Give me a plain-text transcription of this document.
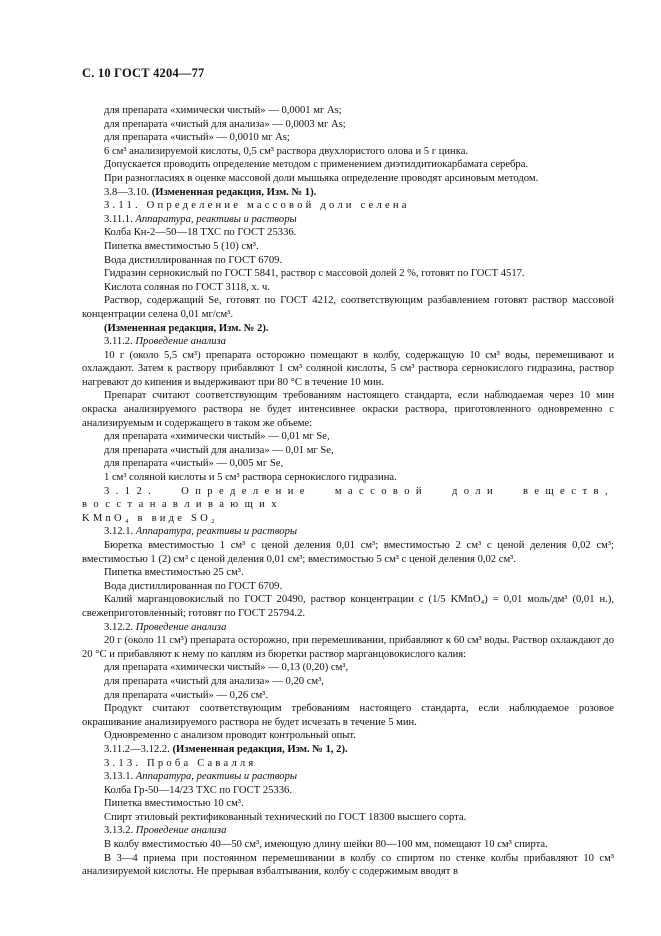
С. 10 ГОСТ 4204—77
для препарата «химически чистый» — 0,0001 мг As;
для препарата «чистый для анализа» — 0,0003 мг As;
для препарата «чистый» — 0,0010 мг As;
6 см³ анализируемой кислоты, 0,5 см³ раствора двухлористого олова и 5 г цинка.
Допускается проводить определение методом с применением диэтилдитиокарбамата серебра.
При разногласиях в оценке массовой доли мышьяка определение проводят арсиновым методом.
3.8—3.10. (Измененная редакция, Изм. № 1).
3.11. Определение массовой доли селена
3.11.1. Аппаратура, реактивы и растворы
Колба Кн-2—50—18 ТХС по ГОСТ 25336.
Пипетка вместимостью 5 (10) см³.
Вода дистиллированная по ГОСТ 6709.
Гидразин сернокислый по ГОСТ 5841, раствор с массовой долей 2 %, готовят по ГОСТ 4517.
Кислота соляная по ГОСТ 3118, х. ч.
Раствор, содержащий Se, готовят по ГОСТ 4212, соответствующим разбавлением готовят раствор массовой концентрации селена 0,01 мг/см³.
(Измененная редакция, Изм. № 2).
3.11.2. Проведение анализа
10 г (около 5,5 см³) препарата осторожно помещают в колбу, содержащую 10 см³ воды, перемешивают и охлаждают. Затем к раствору прибавляют 1 см³ соляной кислоты, 5 см³ раствора сернокислого гидразина, раствор нагревают до кипения и выдерживают при 80 °С в течение 10 мин.
Препарат считают соответствующим требованиям настоящего стандарта, если наблюдаемая через 10 мин окраска анализируемого раствора не будет интенсивнее окраски раствора, приготовленного одновременно с анализируемым и содержащего в таком же объеме:
для препарата «химически чистый» — 0,01 мг Se,
для препарата «чистый для анализа» — 0,01 мг Se,
для препарата «чистый» — 0,005 мг Se,
1 см³ соляной кислоты и 5 см³ раствора сернокислого гидразина.
3.12. Определение массовой доли веществ, восстанавливающих
KMnO₄ в виде SO₂
3.12.1. Аппаратура, реактивы и растворы
Бюретка вместимостью 1 см³ с ценой деления 0,01 см³; вместимостью 2 см³ с ценой деления 0,02 см³; вместимостью 1 (2) см³ с ценой деления 0,01 см³; вместимостью 5 см³ с ценой деления 0,02 см³.
Пипетка вместимостью 25 см³.
Вода дистиллированная по ГОСТ 6709.
Калий марганцовокислый по ГОСТ 20490, раствор концентрации с (1/5 KMnO₄) = 0,01 моль/дм³ (0,01 н.), свежеприготовленный; готовят по ГОСТ 25794.2.
3.12.2. Проведение анализа
20 г (около 11 см³) препарата осторожно, при перемешивании, прибавляют к 60 см³ воды. Раствор охлаждают до 20 °С и прибавляют к нему по каплям из бюретки раствор марганцовокислого калия:
для препарата «химически чистый» — 0,13 (0,20) см³,
для препарата «чистый для анализа» — 0,20 см³,
для препарата «чистый» — 0,26 см³.
Продукт считают соответствующим требованиям настоящего стандарта, если наблюдаемое розовое окрашивание анализируемого раствора не будет исчезать в течение 5 мин.
Одновременно с анализом проводят контрольный опыт.
3.11.2—3.12.2. (Измененная редакция, Изм. № 1, 2).
3.13. Проба Савалля
3.13.1. Аппаратура, реактивы и растворы
Колба Гр-50—14/23 ТХС по ГОСТ 25336.
Пипетка вместимостью 10 см³.
Спирт этиловый ректификованный технический по ГОСТ 18300 высшего сорта.
3.13.2. Проведение анализа
В колбу вместимостью 40—50 см³, имеющую длину шейки 80—100 мм, помещают 10 см³ спирта.
В 3—4 приема при постоянном перемешивании в колбу со спиртом по стенке колбы прибавляют 10 см³ анализируемой кислоты. Не прерывая взбалтывания, колбу с содержимым вводят в
